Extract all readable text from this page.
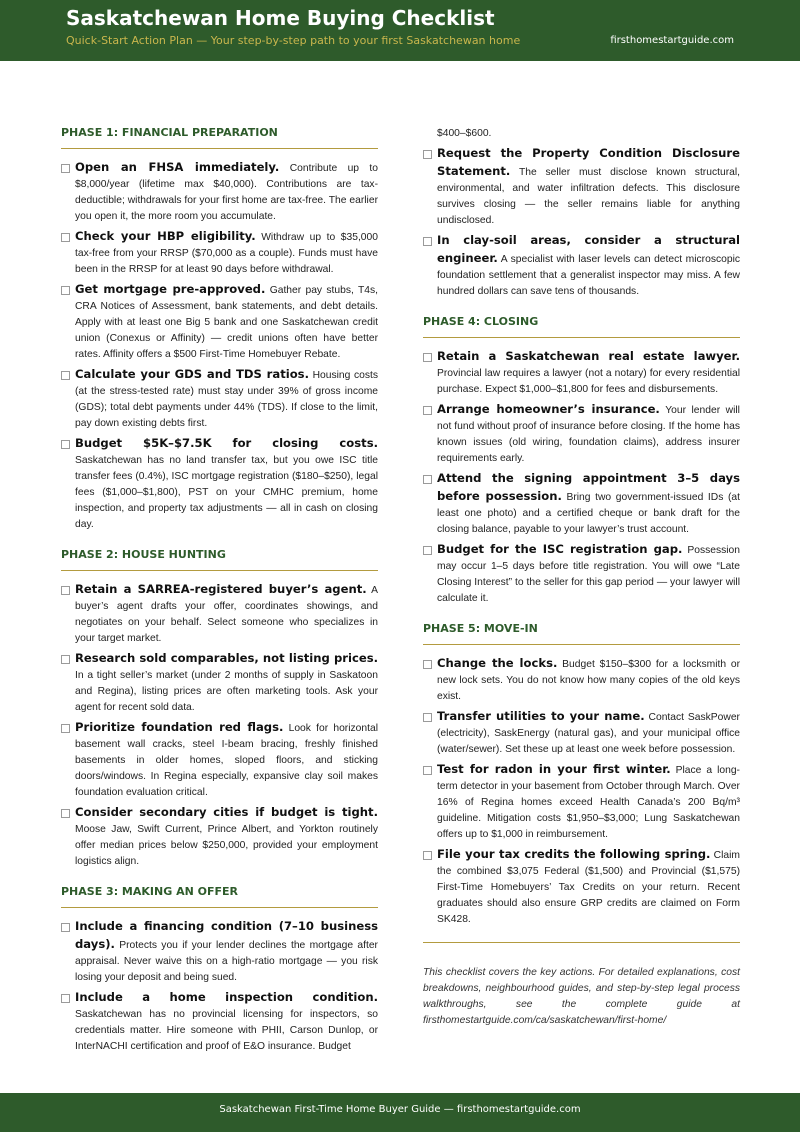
Saskatchewan Home Buying Checklist
Quick-Start Action Plan — Your step-by-step path to your first Saskatchewan home	firsthomestartguide.com
PHASE 1: FINANCIAL PREPARATION
Open an FHSA immediately. Contribute up to $8,000/year (lifetime max $40,000). Contributions are tax-deductible; withdrawals for your first home are tax-free. The earlier you open it, the more room you accumulate.
Check your HBP eligibility. Withdraw up to $35,000 tax-free from your RRSP ($70,000 as a couple). Funds must have been in the RRSP for at least 90 days before withdrawal.
Get mortgage pre-approved. Gather pay stubs, T4s, CRA Notices of Assessment, bank statements, and debt details. Apply with at least one Big 5 bank and one Saskatchewan credit union (Conexus or Affinity) — credit unions often have better rates. Affinity offers a $500 First-Time Homebuyer Rebate.
Calculate your GDS and TDS ratios. Housing costs (at the stress-tested rate) must stay under 39% of gross income (GDS); total debt payments under 44% (TDS). If close to the limit, pay down existing debts first.
Budget $5K–$7.5K for closing costs. Saskatchewan has no land transfer tax, but you owe ISC title transfer fees (0.4%), ISC mortgage registration ($180–$250), legal fees ($1,000–$1,800), PST on your CMHC premium, home inspection, and property tax adjustments — all in cash on closing day.
PHASE 2: HOUSE HUNTING
Retain a SARREA-registered buyer’s agent. A buyer’s agent drafts your offer, coordinates showings, and negotiates on your behalf. Select someone who specializes in your target market.
Research sold comparables, not listing prices. In a tight seller’s market (under 2 months of supply in Saskatoon and Regina), listing prices are often marketing tools. Ask your agent for recent sold data.
Prioritize foundation red flags. Look for horizontal basement wall cracks, steel I-beam bracing, freshly finished basements in older homes, sloped floors, and sticking doors/windows. In Regina especially, expansive clay soil makes foundation evaluation critical.
Consider secondary cities if budget is tight. Moose Jaw, Swift Current, Prince Albert, and Yorkton routinely offer median prices below $250,000, provided your employment logistics align.
PHASE 3: MAKING AN OFFER
Include a financing condition (7–10 business days). Protects you if your lender declines the mortgage after appraisal. Never waive this on a high-ratio mortgage — you risk losing your deposit and being sued.
Include a home inspection condition. Saskatchewan has no provincial licensing for inspectors, so credentials matter. Hire someone with PHII, Carson Dunlop, or InterNACHI certification and proof of E&O insurance. Budget
$400–$600.
Request the Property Condition Disclosure Statement. The seller must disclose known structural, environmental, and water infiltration defects. This disclosure survives closing — the seller remains liable for anything undisclosed.
In clay-soil areas, consider a structural engineer. A specialist with laser levels can detect microscopic foundation settlement that a generalist inspector may miss. A few hundred dollars can save tens of thousands.
PHASE 4: CLOSING
Retain a Saskatchewan real estate lawyer. Provincial law requires a lawyer (not a notary) for every residential purchase. Expect $1,000–$1,800 for fees and disbursements.
Arrange homeowner’s insurance. Your lender will not fund without proof of insurance before closing. If the home has known issues (old wiring, foundation claims), address insurer requirements early.
Attend the signing appointment 3–5 days before possession. Bring two government-issued IDs (at least one photo) and a certified cheque or bank draft for the closing balance, payable to your lawyer’s trust account.
Budget for the ISC registration gap. Possession may occur 1–5 days before title registration. You will owe “Late Closing Interest” to the seller for this gap period — your lawyer will calculate it.
PHASE 5: MOVE-IN
Change the locks. Budget $150–$300 for a locksmith or new lock sets. You do not know how many copies of the old keys exist.
Transfer utilities to your name. Contact SaskPower (electricity), SaskEnergy (natural gas), and your municipal office (water/sewer). Set these up at least one week before possession.
Test for radon in your first winter. Place a long-term detector in your basement from October through March. Over 16% of Regina homes exceed Health Canada’s 200 Bq/m³ guideline. Mitigation costs $1,950–$3,000; Lung Saskatchewan offers up to $1,000 in reimbursement.
File your tax credits the following spring. Claim the combined $3,075 Federal ($1,500) and Provincial ($1,575) First-Time Homebuyers’ Tax Credits on your return. Recent graduates should also ensure GRP credits are claimed on Form SK428.
This checklist covers the key actions. For detailed explanations, cost breakdowns, neighbourhood guides, and step-by-step legal process walkthroughs, see the complete guide at firsthomestartguide.com/ca/saskatchewan/first-home/
Saskatchewan First-Time Home Buyer Guide — firsthomestartguide.com
